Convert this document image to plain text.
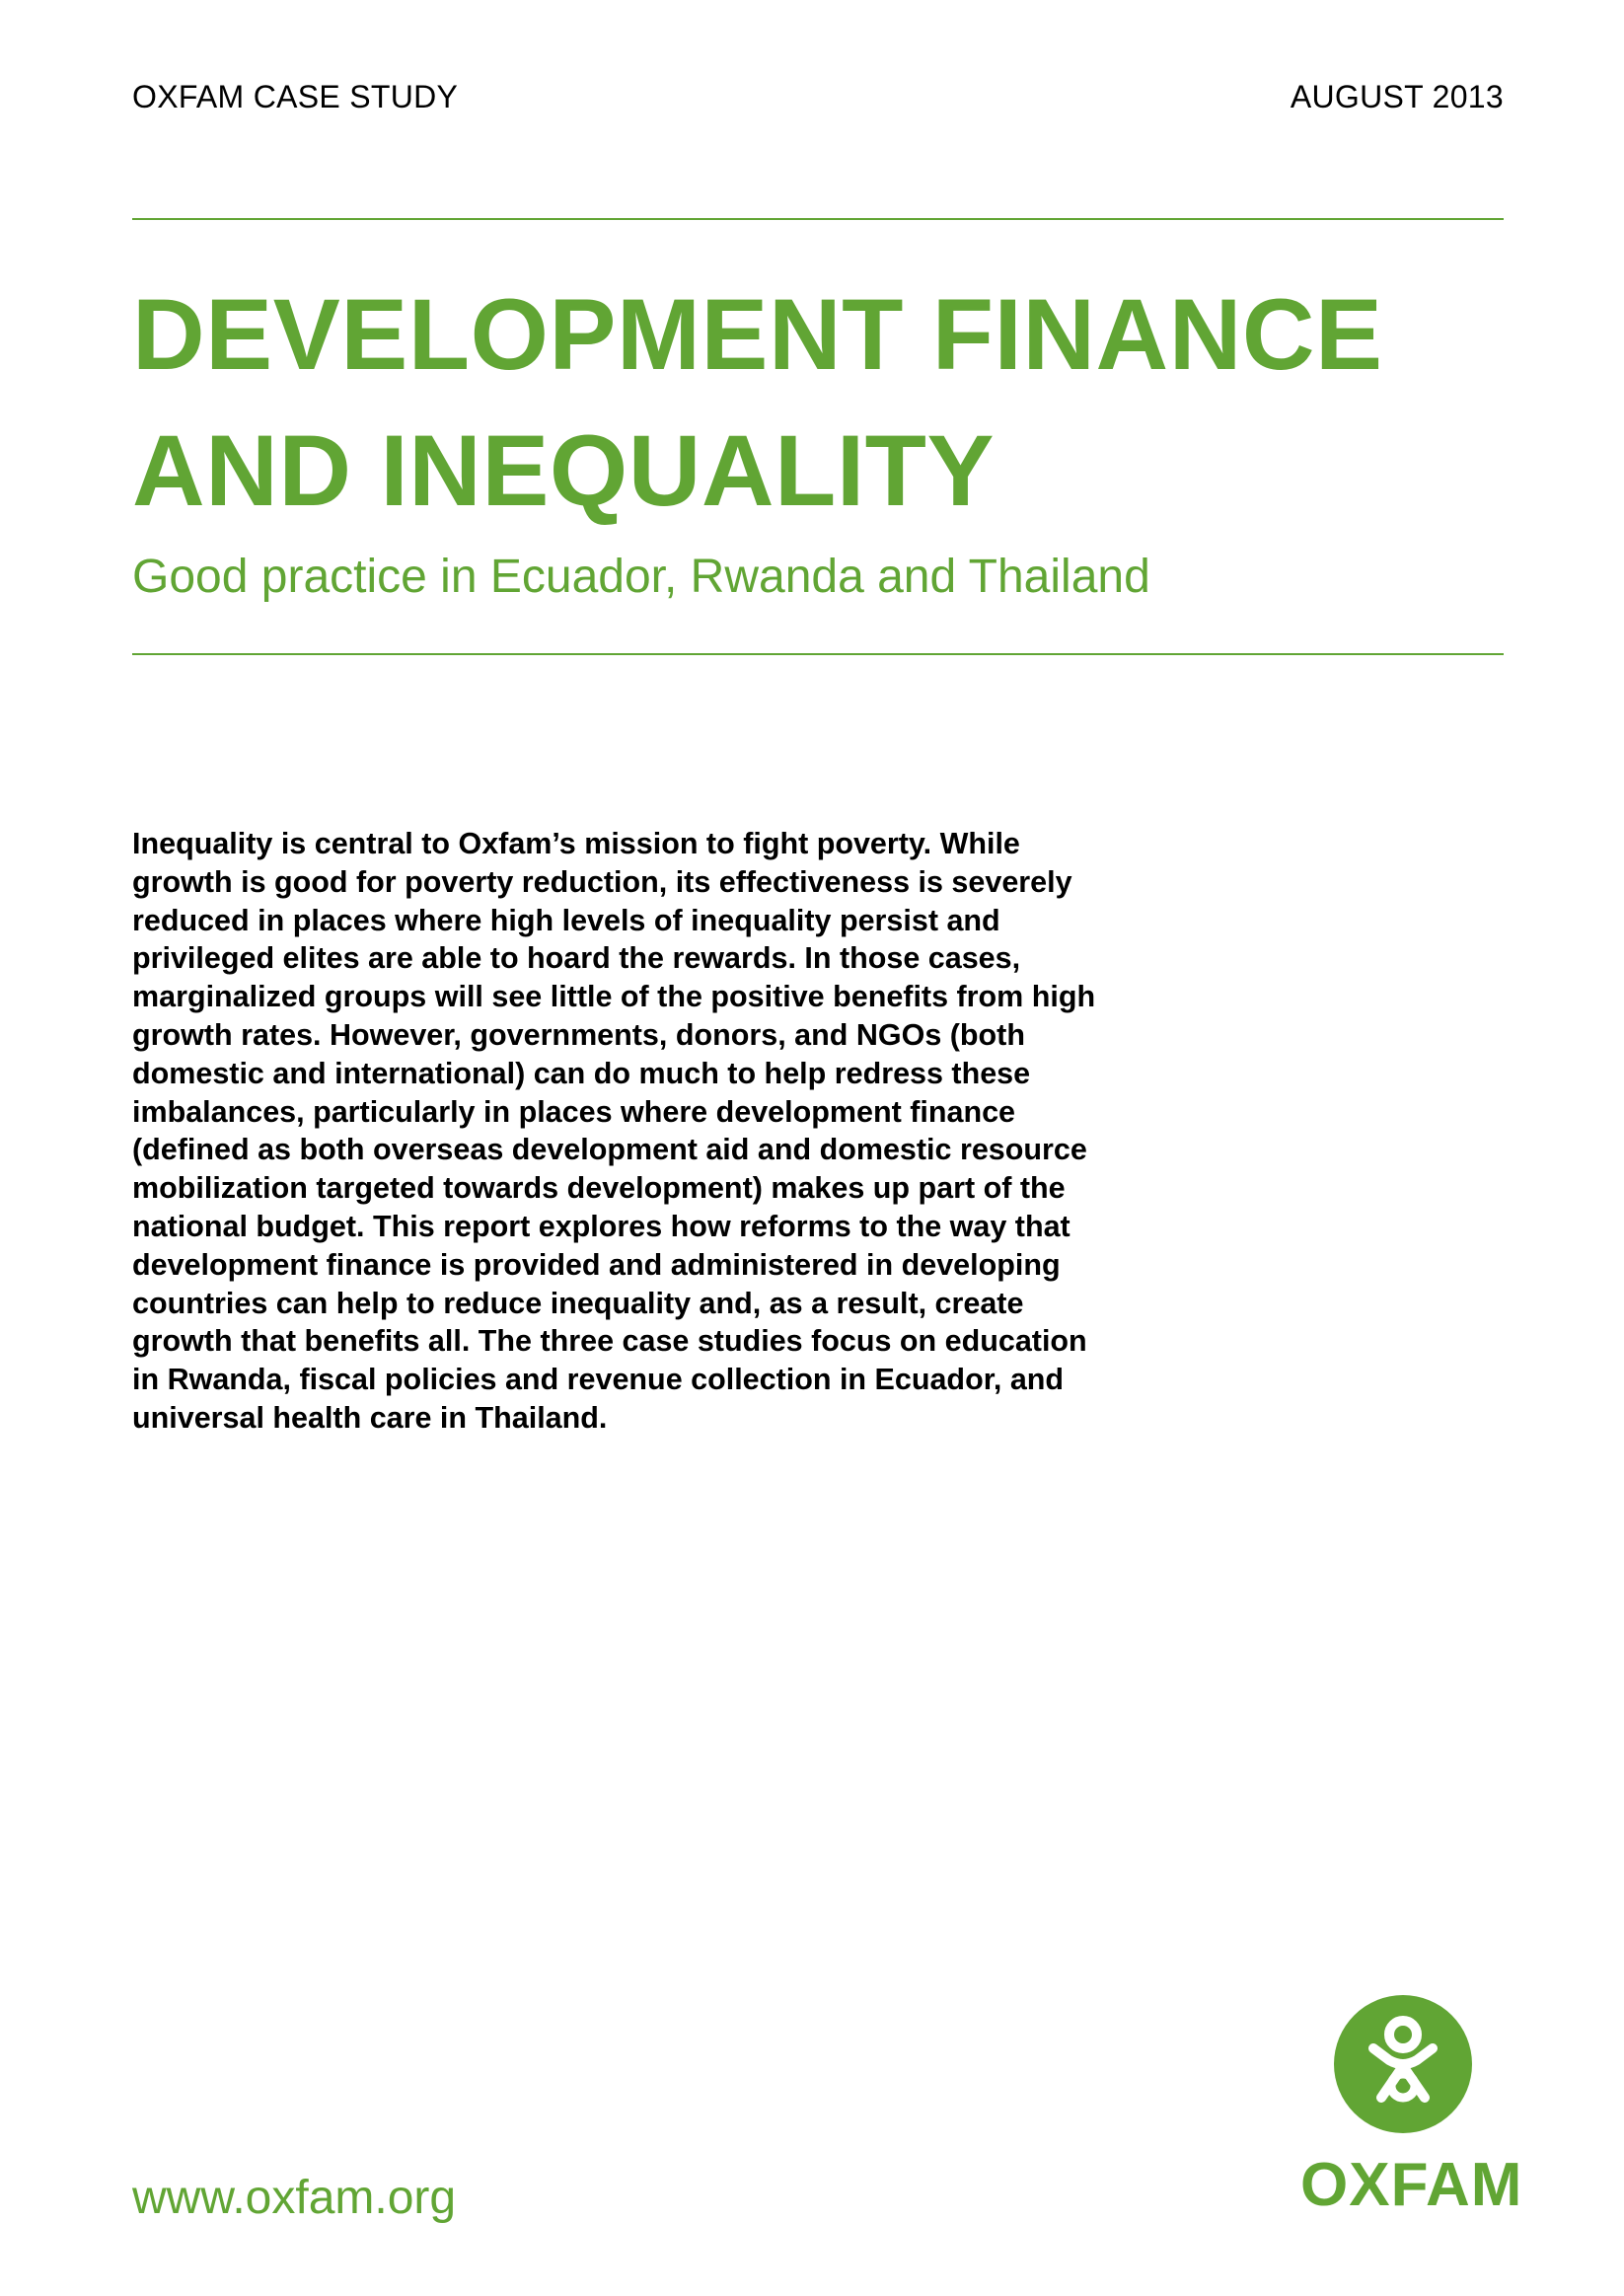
OXFAM CASE STUDY	AUGUST 2013
DEVELOPMENT FINANCE
AND INEQUALITY
Good practice in Ecuador, Rwanda and Thailand
Inequality is central to Oxfam’s mission to fight poverty. While growth is good for poverty reduction, its effectiveness is severely reduced in places where high levels of inequality persist and privileged elites are able to hoard the rewards. In those cases, marginalized groups will see little of the positive benefits from high growth rates. However, governments, donors, and NGOs (both domestic and international) can do much to help redress these imbalances, particularly in places where development finance (defined as both overseas development aid and domestic resource mobilization targeted towards development) makes up part of the national budget. This report explores how reforms to the way that development finance is provided and administered in developing countries can help to reduce inequality and, as a result, create growth that benefits all. The three case studies focus on education in Rwanda, fiscal policies and revenue collection in Ecuador, and universal health care in Thailand.
www.oxfam.org	OXFAM
